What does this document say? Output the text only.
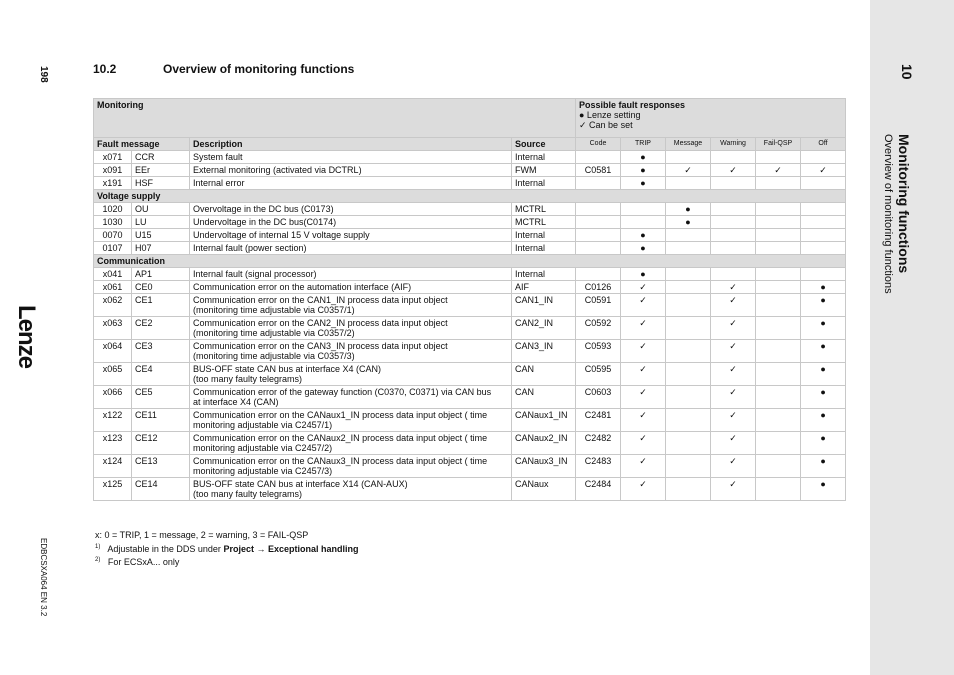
198	10
Monitoring functions
Overview of monitoring functions
EDBCSXA064 EN 3.2
Lenze
10.2	Overview of monitoring functions
Monitoring				Possible fault responses
● Lenze setting
✓ Can be set					

Fault message		Description	Source	Code	TRIP	Message	Warning	Fail-QSP	Off
x071	CCR	System fault	Internal		●				
x091	EEr	External monitoring (activated via DCTRL)	FWM	C0581	●	✓	✓	✓	✓
x191	HSF	Internal error	Internal		●				
Voltage supply									
1020	OU	Overvoltage in the DC bus (C0173)	MCTRL			●			
1030	LU	Undervoltage in the DC bus(C0174)	MCTRL			●			
0070	U15	Undervoltage of internal 15 V voltage supply	Internal		●				
0107	H07	Internal fault (power section)	Internal		●				
Communication									
x041	AP1	Internal fault (signal processor)	Internal		●				
x061	CE0	Communication error on the automation interface (AIF)	AIF	C0126	✓		✓		●
x062	CE1	Communication error on the CAN1_IN process data input object
(monitoring time adjustable via C0357/1)	CAN1_IN	C0591	✓		✓		●
x063	CE2	Communication error on the CAN2_IN process data input object
(monitoring time adjustable via C0357/2)	CAN2_IN	C0592	✓		✓		●
x064	CE3	Communication error on the CAN3_IN process data input object
(monitoring time adjustable via C0357/3)	CAN3_IN	C0593	✓		✓		●
x065	CE4	BUS-OFF state CAN bus at interface X4 (CAN)
(too many faulty telegrams)	CAN	C0595	✓		✓		●
x066	CE5	Communication error of the gateway function (C0370, C0371) via CAN bus
at interface X4 (CAN)	CAN	C0603	✓		✓		●
x122	CE11	Communication error on the CANaux1_IN process data input object ( time
monitoring adjustable via C2457/1)	CANaux1_IN	C2481	✓		✓		●
x123	CE12	Communication error on the CANaux2_IN process data input object ( time
monitoring adjustable via C2457/2)	CANaux2_IN	C2482	✓		✓		●
x124	CE13	Communication error on the CANaux3_IN process data input object ( time
monitoring adjustable via C2457/3)	CANaux3_IN	C2483	✓		✓		●
x125	CE14	BUS-OFF state CAN bus at interface X14 (CAN-AUX)
(too many faulty telegrams)	CANaux	C2484	✓		✓		●
x: 0 = TRIP, 1 = message, 2 = warning, 3 = FAIL-QSP
$^{1)}$ Adjustable in the DDS under Project → Exceptional handling
$^{2)}$ For ECSxA... only
